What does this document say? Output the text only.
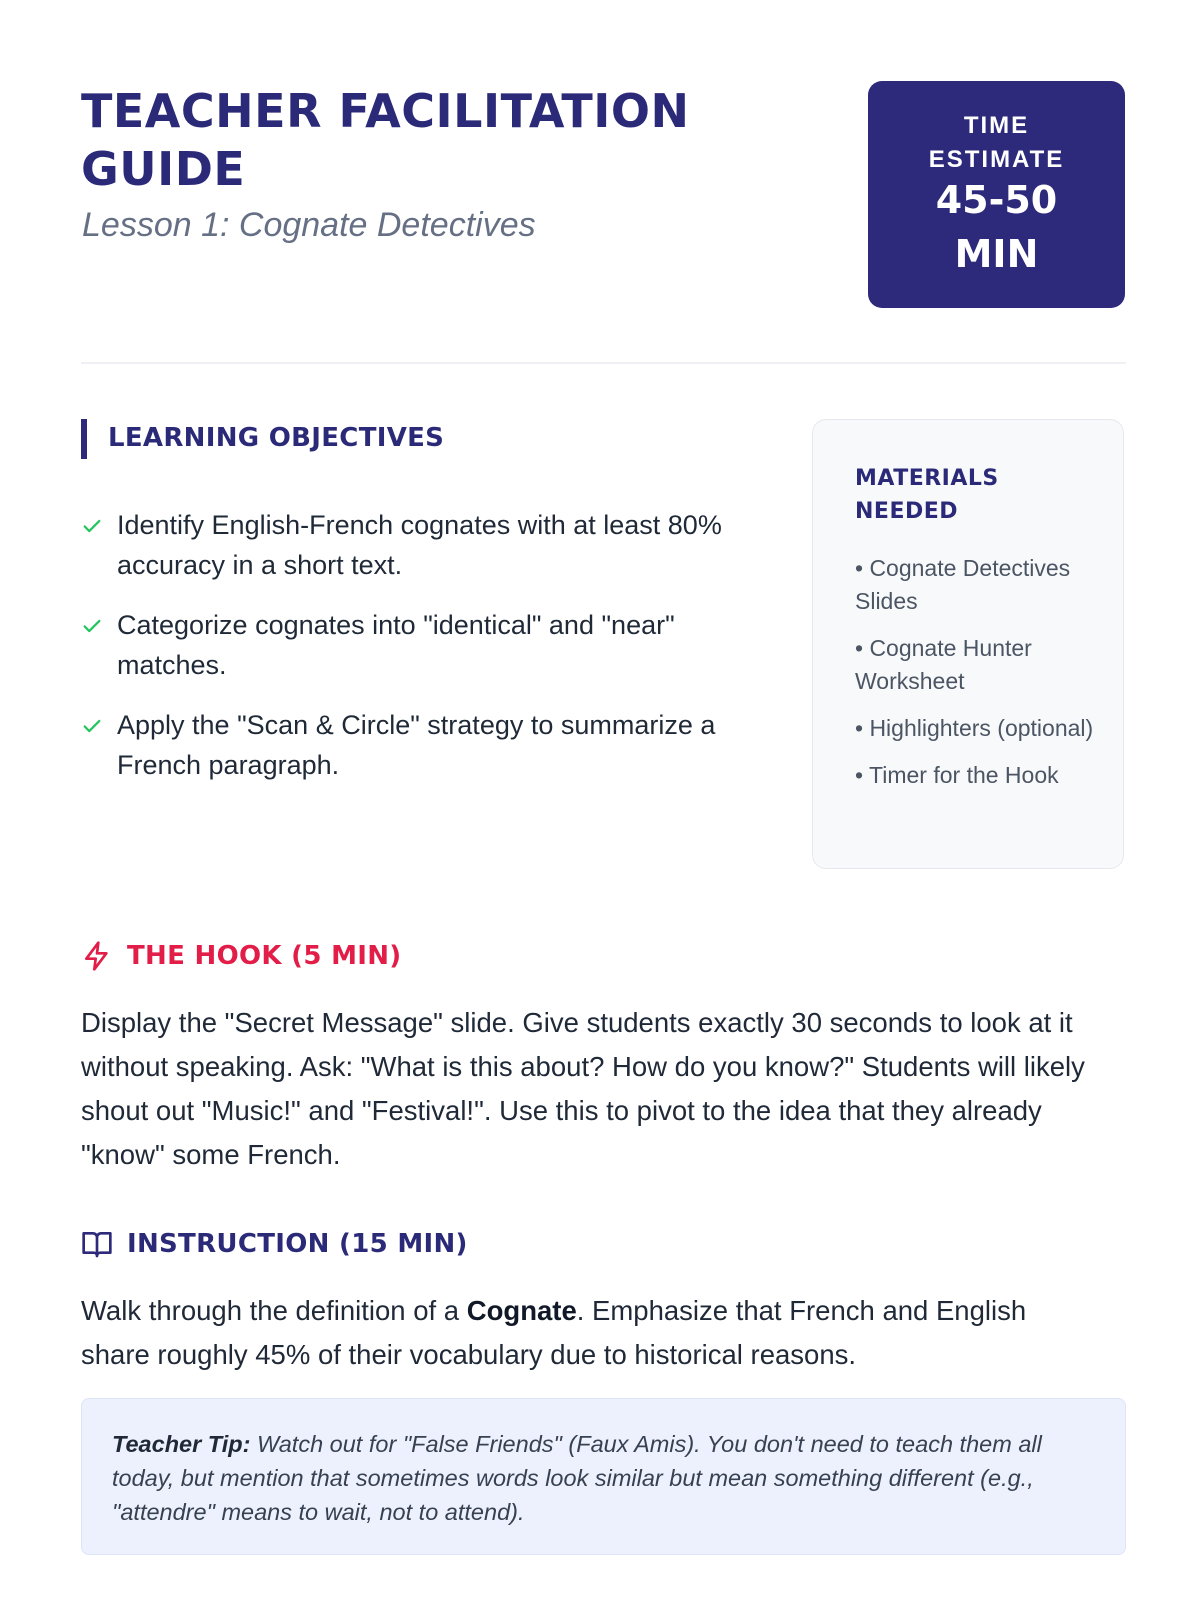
TEACHER FACILITATION GUIDE

Lesson 1: Cognate Detectives

TIME
ESTIMATE
45-50
MIN
LEARNING OBJECTIVES
Identify English-French cognates with at least 80% accuracy in a short text.
Categorize cognates into "identical" and "near" matches.
Apply the "Scan & Circle" strategy to summarize a French paragraph.
MATERIALS NEEDED
• Cognate Detectives Slides
• Cognate Hunter Worksheet
• Highlighters (optional)
• Timer for the Hook
THE HOOK (5 MIN)

Display the "Secret Message" slide. Give students exactly 30 seconds to look at it without speaking. Ask: "What is this about? How do you know?" Students will likely shout out "Music!" and "Festival!". Use this to pivot to the idea that they already "know" some French.

INSTRUCTION (15 MIN)

Walk through the definition of a Cognate. Emphasize that French and English share roughly 45% of their vocabulary due to historical reasons.

Teacher Tip: Watch out for "False Friends" (Faux Amis). You don't need to teach them all today, but mention that sometimes words look similar but mean something different (e.g., "attendre" means to wait, not to attend).
